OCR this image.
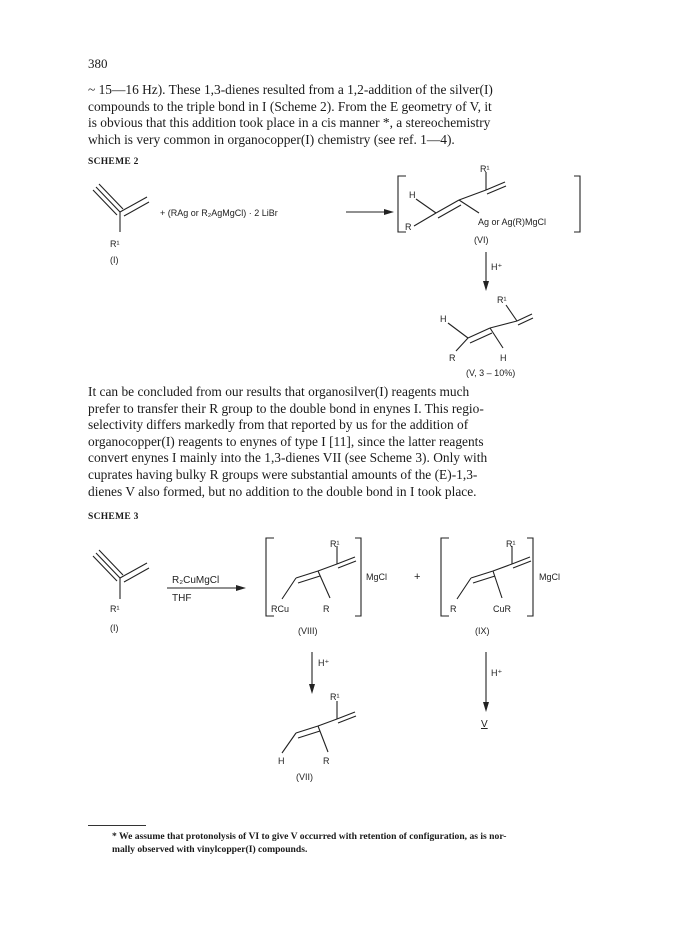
380

~ 15—16 Hz). These 1,3-dienes resulted from a 1,2-addition of the silver(I)
compounds to the triple bond in I (Scheme 2). From the E geometry of V, it
is obvious that this addition took place in a cis manner *, a stereochemistry
which is very common in organocopper(I) chemistry (see ref. 1—4).

SCHEME 2

It can be concluded from our results that organosilver(I) reagents much
prefer to transfer their R group to the double bond in enynes I. This regio-
selectivity differs markedly from that reported by us for the addition of
organocopper(I) reagents to enynes of type I [11], since the latter reagents
convert enynes I mainly into the 1,3-dienes VII (see Scheme 3). Only with
cuprates having bulky R groups were substantial amounts of the (E)-1,3-
dienes V also formed, but no addition to the double bond in I took place.

SCHEME 3
R¹
(I)
+ (RAg or R₂AgMgCl) · 2 LiBr
R¹
H
R	Ag or Ag(R)MgCl
(VI)
H⁺
R¹
H
R	H
(V, 3 – 10%)
R¹
(I)
R₂CuMgCl
THF
R¹
RCu	R
MgCl +
R¹
R	CuR
MgCl
(VIII)	(IX)
H⁺
H⁺
R¹
V
H	R
(VII)
* We assume that protonolysis of VI to give V occurred with retention of configuration, as is nor-
mally observed with vinylcopper(I) compounds.
